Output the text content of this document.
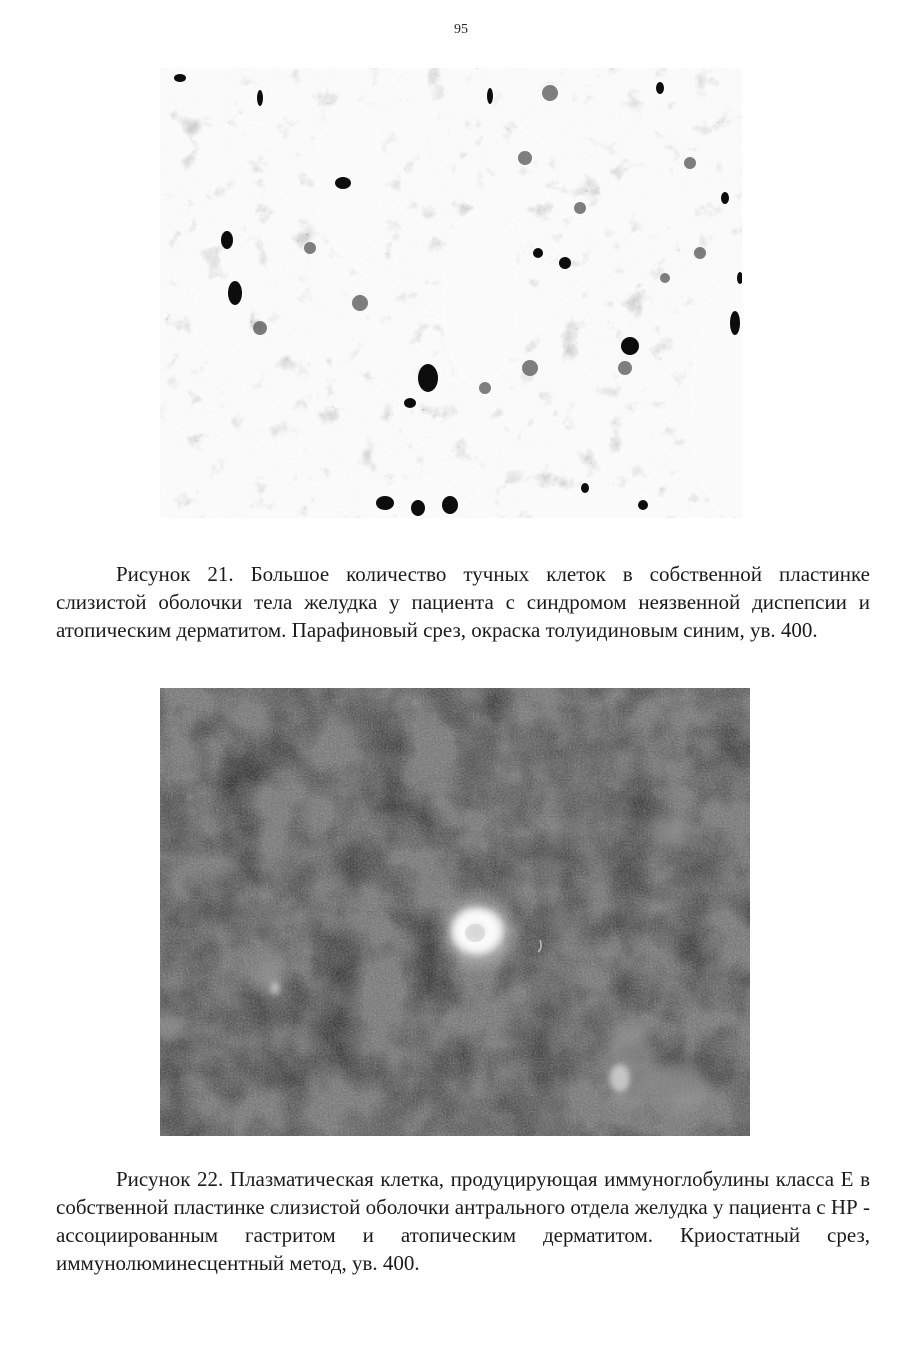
95
Рисунок 21. Большое количество тучных клеток в собственной пластинке слизистой оболочки тела желудка у пациента с синдромом неязвенной диспепсии и атопическим дерматитом. Парафиновый срез, окраска толуидиновым синим, ув. 400.
Рисунок 22. Плазматическая клетка, продуцирующая иммуноглобулины класса Е в собственной пластинке слизистой оболочки антрального отдела желудка у пациента с НР - ассоциированным гастритом и атопическим дерматитом. Криостатный срез, иммунолюминесцентный метод, ув. 400.
